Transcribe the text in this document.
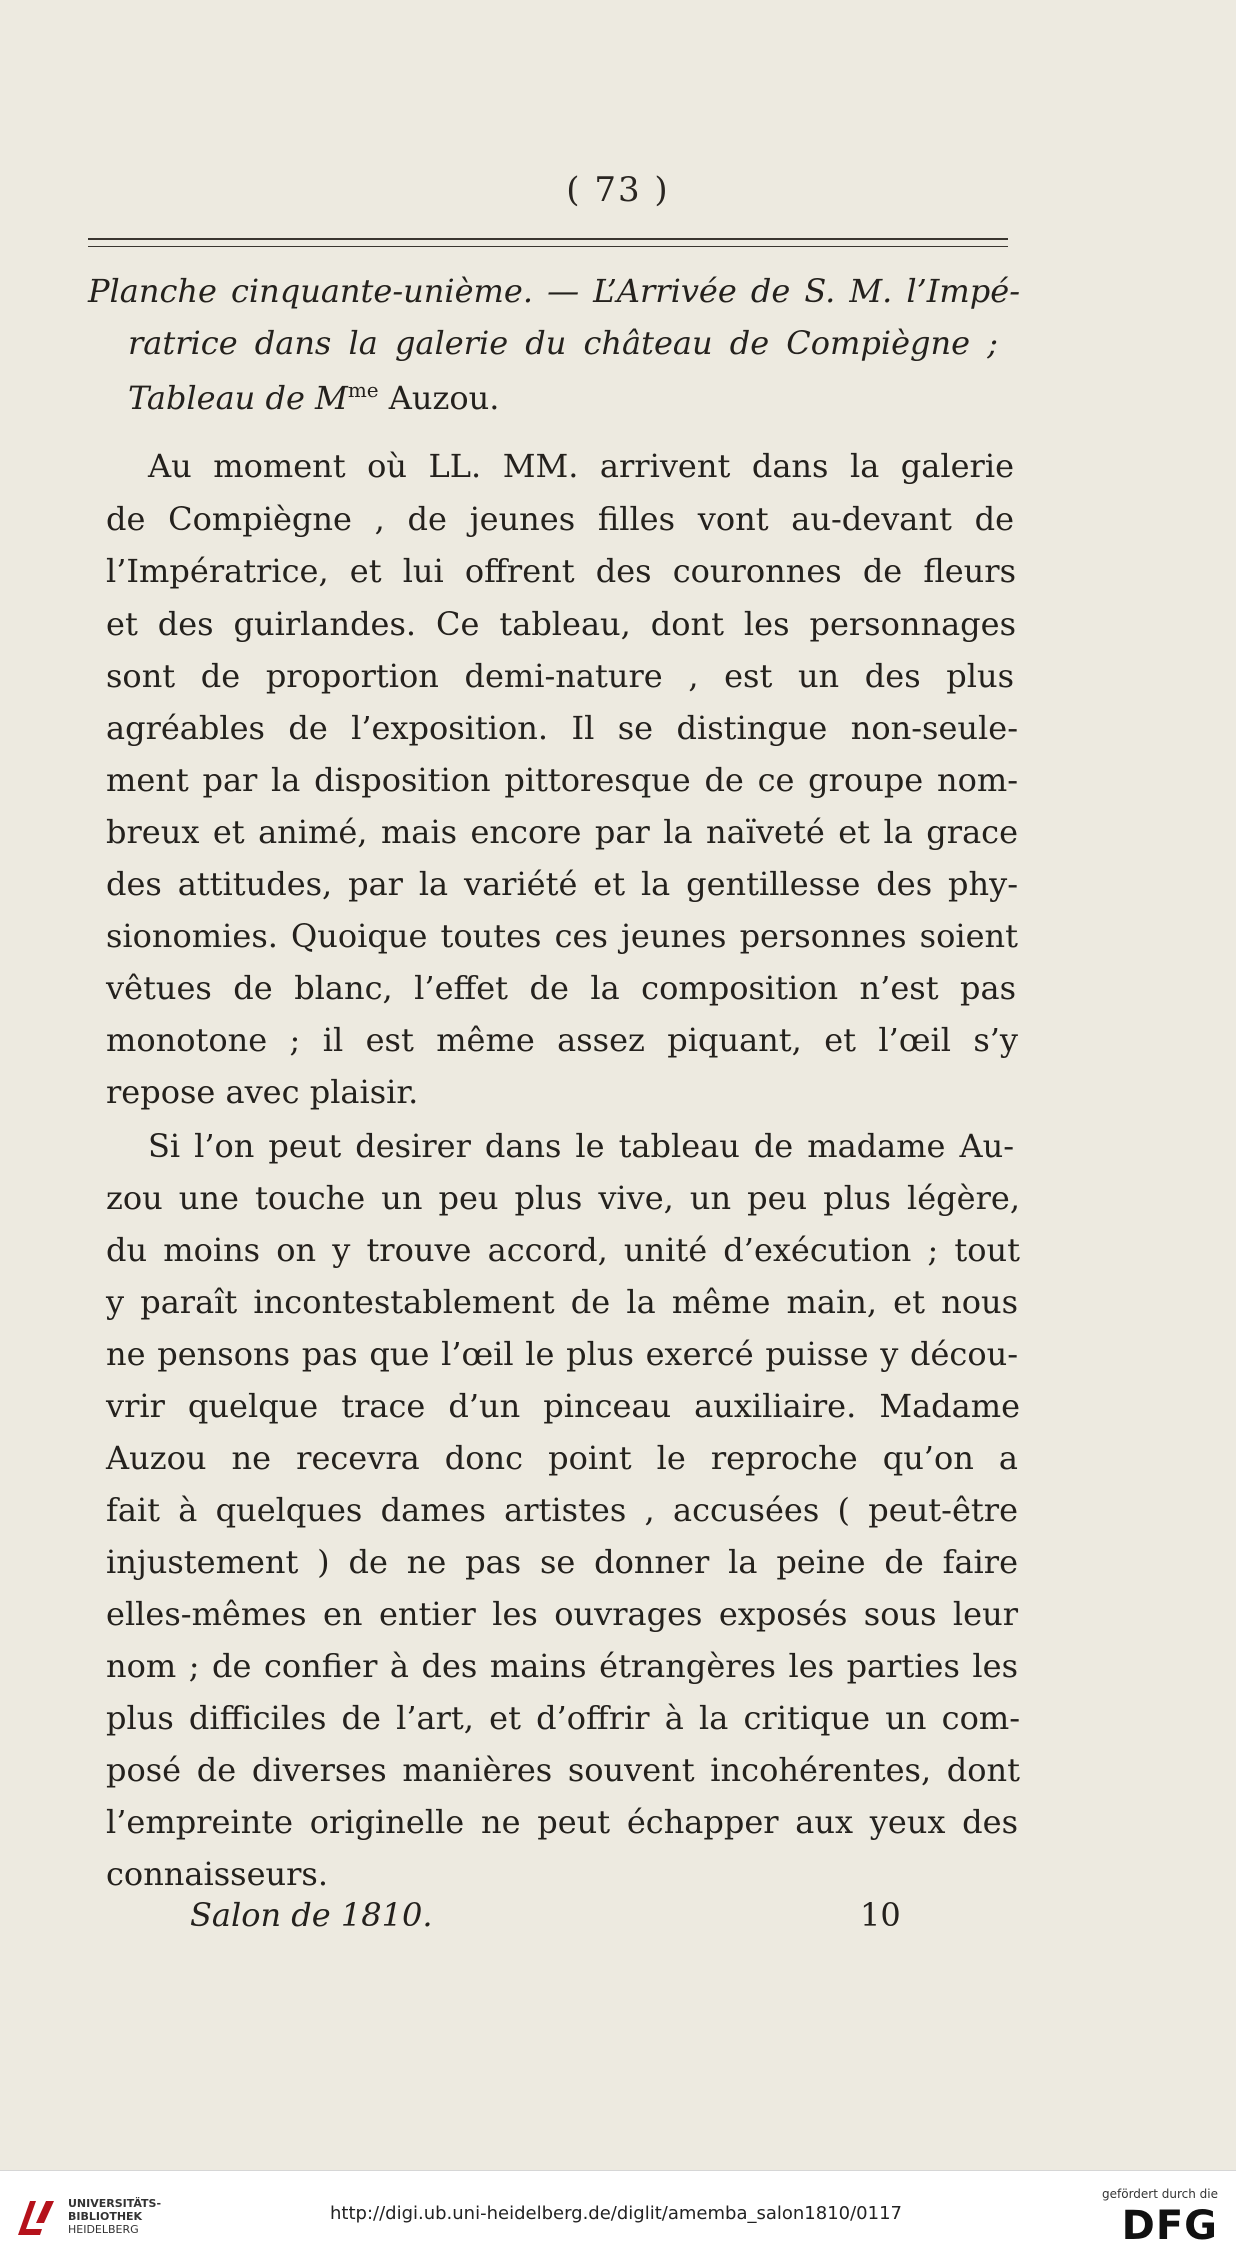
( 73 )
Planche cinquante-unième. — L’Arrivée de S. M. l’Impé-
ratrice dans la galerie du château de Compiègne ;
Tableau de $M^{me}$ Auzou.
Au moment où LL. MM. arrivent dans la galerie
de Compiègne , de jeunes filles vont au-devant de
l’Impératrice, et lui offrent des couronnes de fleurs
et des guirlandes. Ce tableau, dont les personnages
sont de proportion demi-nature , est un des plus
agréables de l’exposition. Il se distingue non-seule-
ment par la disposition pittoresque de ce groupe nom-
breux et animé, mais encore par la naïveté et la grace
des attitudes, par la variété et la gentillesse des phy-
sionomies. Quoique toutes ces jeunes personnes soient
vêtues de blanc, l’effet de la composition n’est pas
monotone ; il est même assez piquant, et l’œil s’y
repose avec plaisir.
Si l’on peut desirer dans le tableau de madame Au-
zou une touche un peu plus vive, un peu plus légère,
du moins on y trouve accord, unité d’exécution ; tout
y paraît incontestablement de la même main, et nous
ne pensons pas que l’œil le plus exercé puisse y décou-
vrir quelque trace d’un pinceau auxiliaire. Madame
Auzou ne recevra donc point le reproche qu’on a
fait à quelques dames artistes , accusées ( peut-être
injustement ) de ne pas se donner la peine de faire
elles-mêmes en entier les ouvrages exposés sous leur
nom ; de confier à des mains étrangères les parties les
plus difficiles de l’art, et d’offrir à la critique un com-
posé de diverses manières souvent incohérentes, dont
l’empreinte originelle ne peut échapper aux yeux des
connaisseurs.
Salon de 1810.	10
UNIVERSITÄTS-
BIBLIOTHEK
HEIDELBERG
http://digi.ub.uni-heidelberg.de/diglit/amemba_salon1810/0117
gefördert durch die
DFG
